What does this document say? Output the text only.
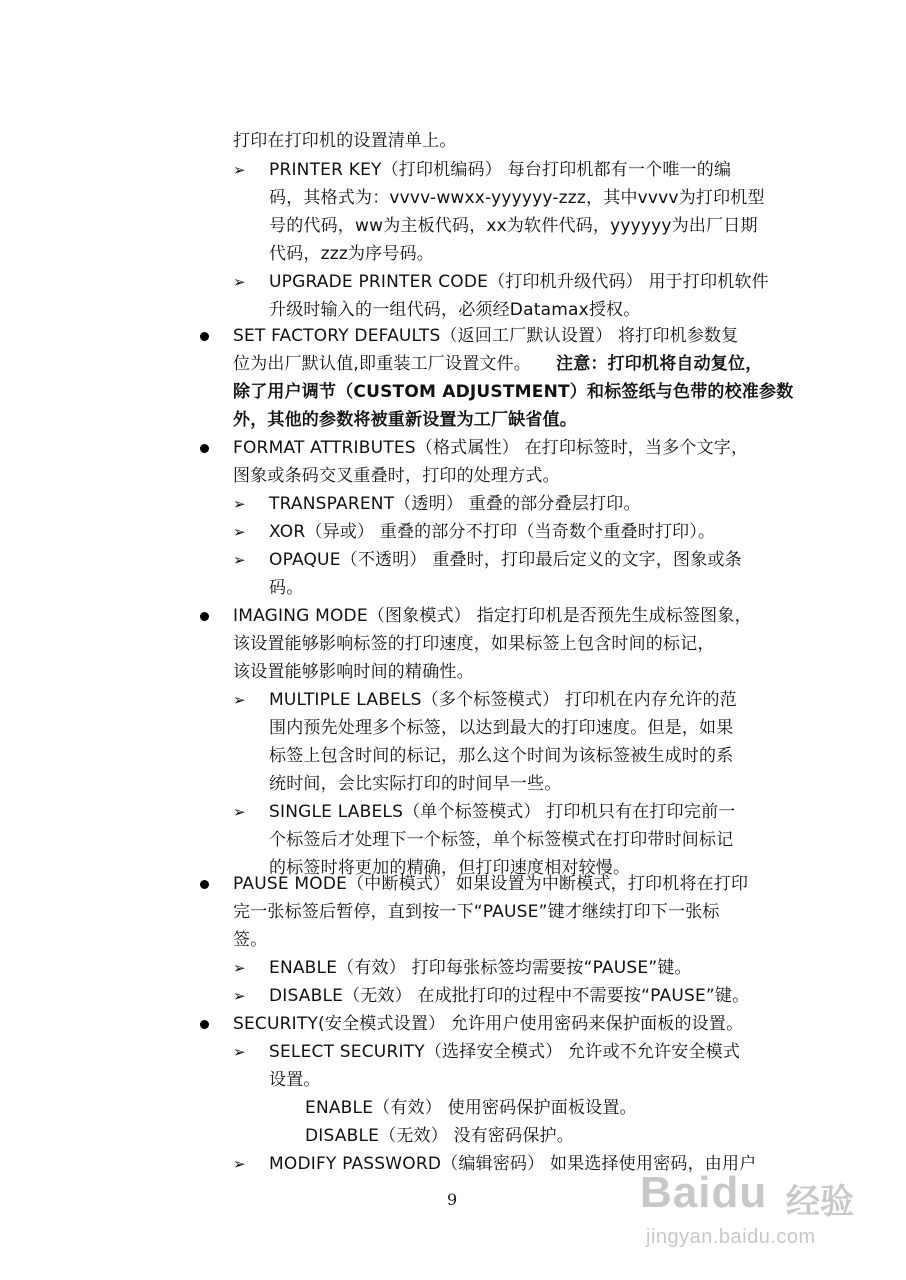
打印在打印机的设置清单上。
➢ PRINTER KEY（打印机编码） 每台打印机都有一个唯一的编
码，其格式为：vvvv-wwxx-yyyyyy-zzz，其中vvvv为打印机型
号的代码，ww为主板代码，xx为软件代码，yyyyyy为出厂日期
代码，zzz为序号码。
➢ UPGRADE PRINTER CODE（打印机升级代码） 用于打印机软件
升级时输入的一组代码，必须经Datamax授权。
SET FACTORY DEFAULTS（返回工厂默认设置） 将打印机参数复
位为出厂默认值,即重装工厂设置文件。 注意：打印机将自动复位，
除了用户调节（CUSTOM ADJUSTMENT）和标签纸与色带的校准参数
外，其他的参数将被重新设置为工厂缺省值。
FORMAT ATTRIBUTES（格式属性） 在打印标签时，当多个文字，
图象或条码交叉重叠时，打印的处理方式。
➢ TRANSPARENT（透明） 重叠的部分叠层打印。
➢ XOR（异或） 重叠的部分不打印（当奇数个重叠时打印）。
➢ OPAQUE（不透明） 重叠时，打印最后定义的文字，图象或条
码。
IMAGING MODE（图象模式） 指定打印机是否预先生成标签图象，
该设置能够影响标签的打印速度，如果标签上包含时间的标记，
该设置能够影响时间的精确性。
➢ MULTIPLE LABELS（多个标签模式） 打印机在内存允许的范
围内预先处理多个标签，以达到最大的打印速度。但是，如果
标签上包含时间的标记，那么这个时间为该标签被生成时的系
统时间，会比实际打印的时间早一些。
➢ SINGLE LABELS（单个标签模式） 打印机只有在打印完前一
个标签后才处理下一个标签，单个标签模式在打印带时间标记
的标签时将更加的精确，但打印速度相对较慢。
PAUSE MODE（中断模式） 如果设置为中断模式，打印机将在打印
完一张标签后暂停，直到按一下“PAUSE”键才继续打印下一张标
签。
➢ ENABLE（有效） 打印每张标签均需要按“PAUSE”键。
➢ DISABLE（无效） 在成批打印的过程中不需要按“PAUSE”键。
SECURITY(安全模式设置） 允许用户使用密码来保护面板的设置。
➢ SELECT SECURITY（选择安全模式） 允许或不允许安全模式
设置。
ENABLE（有效） 使用密码保护面板设置。
DISABLE（无效） 没有密码保护。
➢ MODIFY PASSWORD（编辑密码） 如果选择使用密码，由用户
9	Baidu 经验
jingyan.baidu.com
